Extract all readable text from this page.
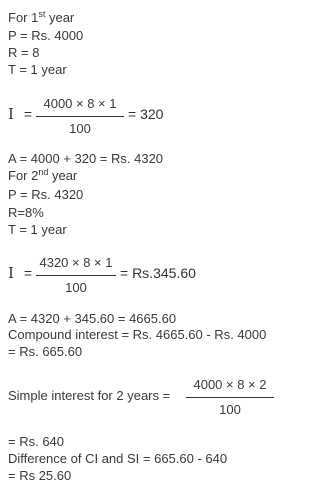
For 1st year
P = Rs. 4000
R = 8
T = 1 year
I =
4000 × 8 × 1
100
= 320
A = 4000 + 320 = Rs. 4320
For 2nd year
P = Rs. 4320
R=8%
T = 1 year
I =
4320 × 8 × 1
100
= Rs.345.60
A = 4320 + 345.60 = 4665.60
Compound interest = Rs. 4665.60 - Rs. 4000
= Rs. 665.60
Simple interest for 2 years =
4000 × 8 × 2
100
= Rs. 640
Difference of CI and SI = 665.60 - 640
= Rs 25.60
